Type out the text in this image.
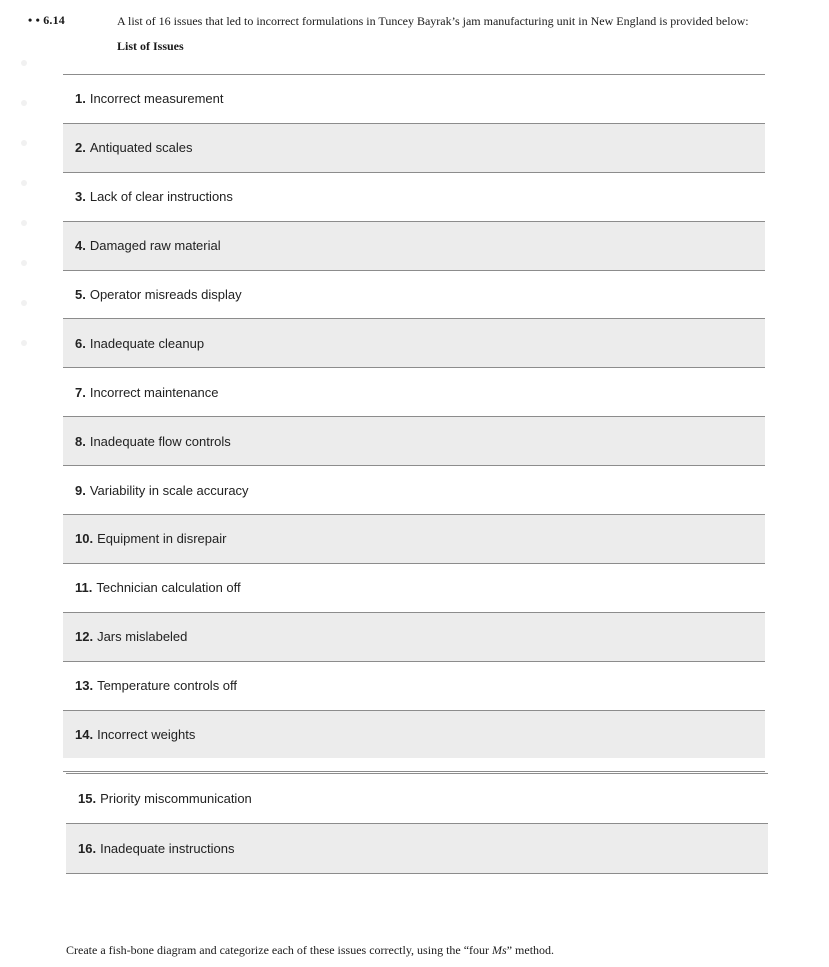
• • 6.14	A list of 16 issues that led to incorrect formulations in Tuncey Bayrak’s jam manufacturing unit in New England is provided below:
List of Issues
1. Incorrect measurement
2. Antiquated scales
3. Lack of clear instructions
4. Damaged raw material
5. Operator misreads display
6. Inadequate cleanup
7. Incorrect maintenance
8. Inadequate flow controls
9. Variability in scale accuracy
10. Equipment in disrepair
11. Technician calculation off
12. Jars mislabeled
13. Temperature controls off
14. Incorrect weights
15. Priority miscommunication
16. Inadequate instructions
Create a fish-bone diagram and categorize each of these issues correctly, using the “four Ms” method.
